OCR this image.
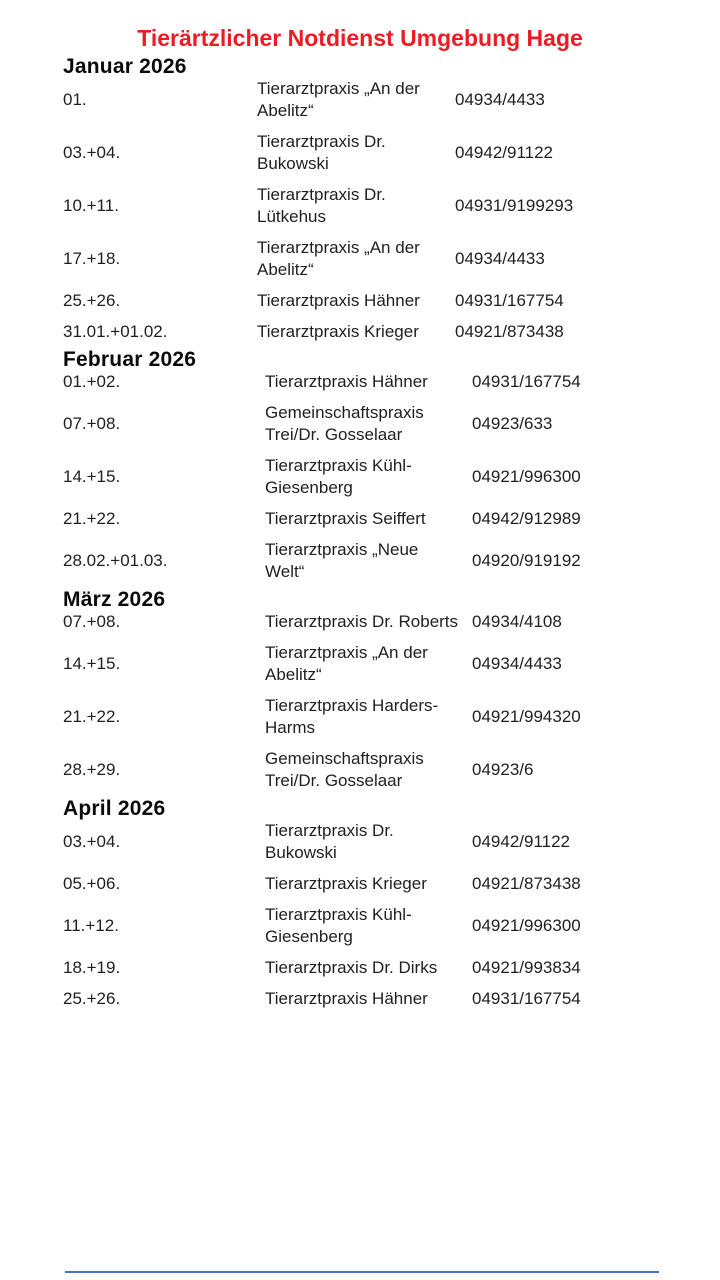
Tierärtzlicher Notdienst Umgebung Hage
Januar 2026
01.	Tierarztpraxis „An der Abelitz“	04934/4433
03.+04.	Tierarztpraxis Dr. Bukowski	04942/91122
10.+11.	Tierarztpraxis Dr. Lütkehus	04931/9199293
17.+18.	Tierarztpraxis „An der Abelitz“	04934/4433
25.+26.	Tierarztpraxis Hähner	04931/167754
31.01.+01.02.	Tierarztpraxis Krieger	04921/873438
Februar 2026
01.+02.	Tierarztpraxis Hähner	04931/167754
07.+08.	Gemeinschaftspraxis Trei/Dr. Gosselaar	04923/633
14.+15.	Tierarztpraxis Kühl-Giesenberg	04921/996300
21.+22.	Tierarztpraxis Seiffert	04942/912989
28.02.+01.03.	Tierarztpraxis „Neue Welt“	04920/919192
März 2026
07.+08.	Tierarztpraxis Dr. Roberts	04934/4108
14.+15.	Tierarztpraxis „An der Abelitz“	04934/4433
21.+22.	Tierarztpraxis Harders-Harms	04921/994320
28.+29.	Gemeinschaftspraxis Trei/Dr. Gosselaar	04923/6
April 2026
03.+04.	Tierarztpraxis Dr. Bukowski	04942/91122
05.+06.	Tierarztpraxis Krieger	04921/873438
11.+12.	Tierarztpraxis Kühl-Giesenberg	04921/996300
18.+19.	Tierarztpraxis Dr. Dirks	04921/993834
25.+26.	Tierarztpraxis Hähner	04931/167754
